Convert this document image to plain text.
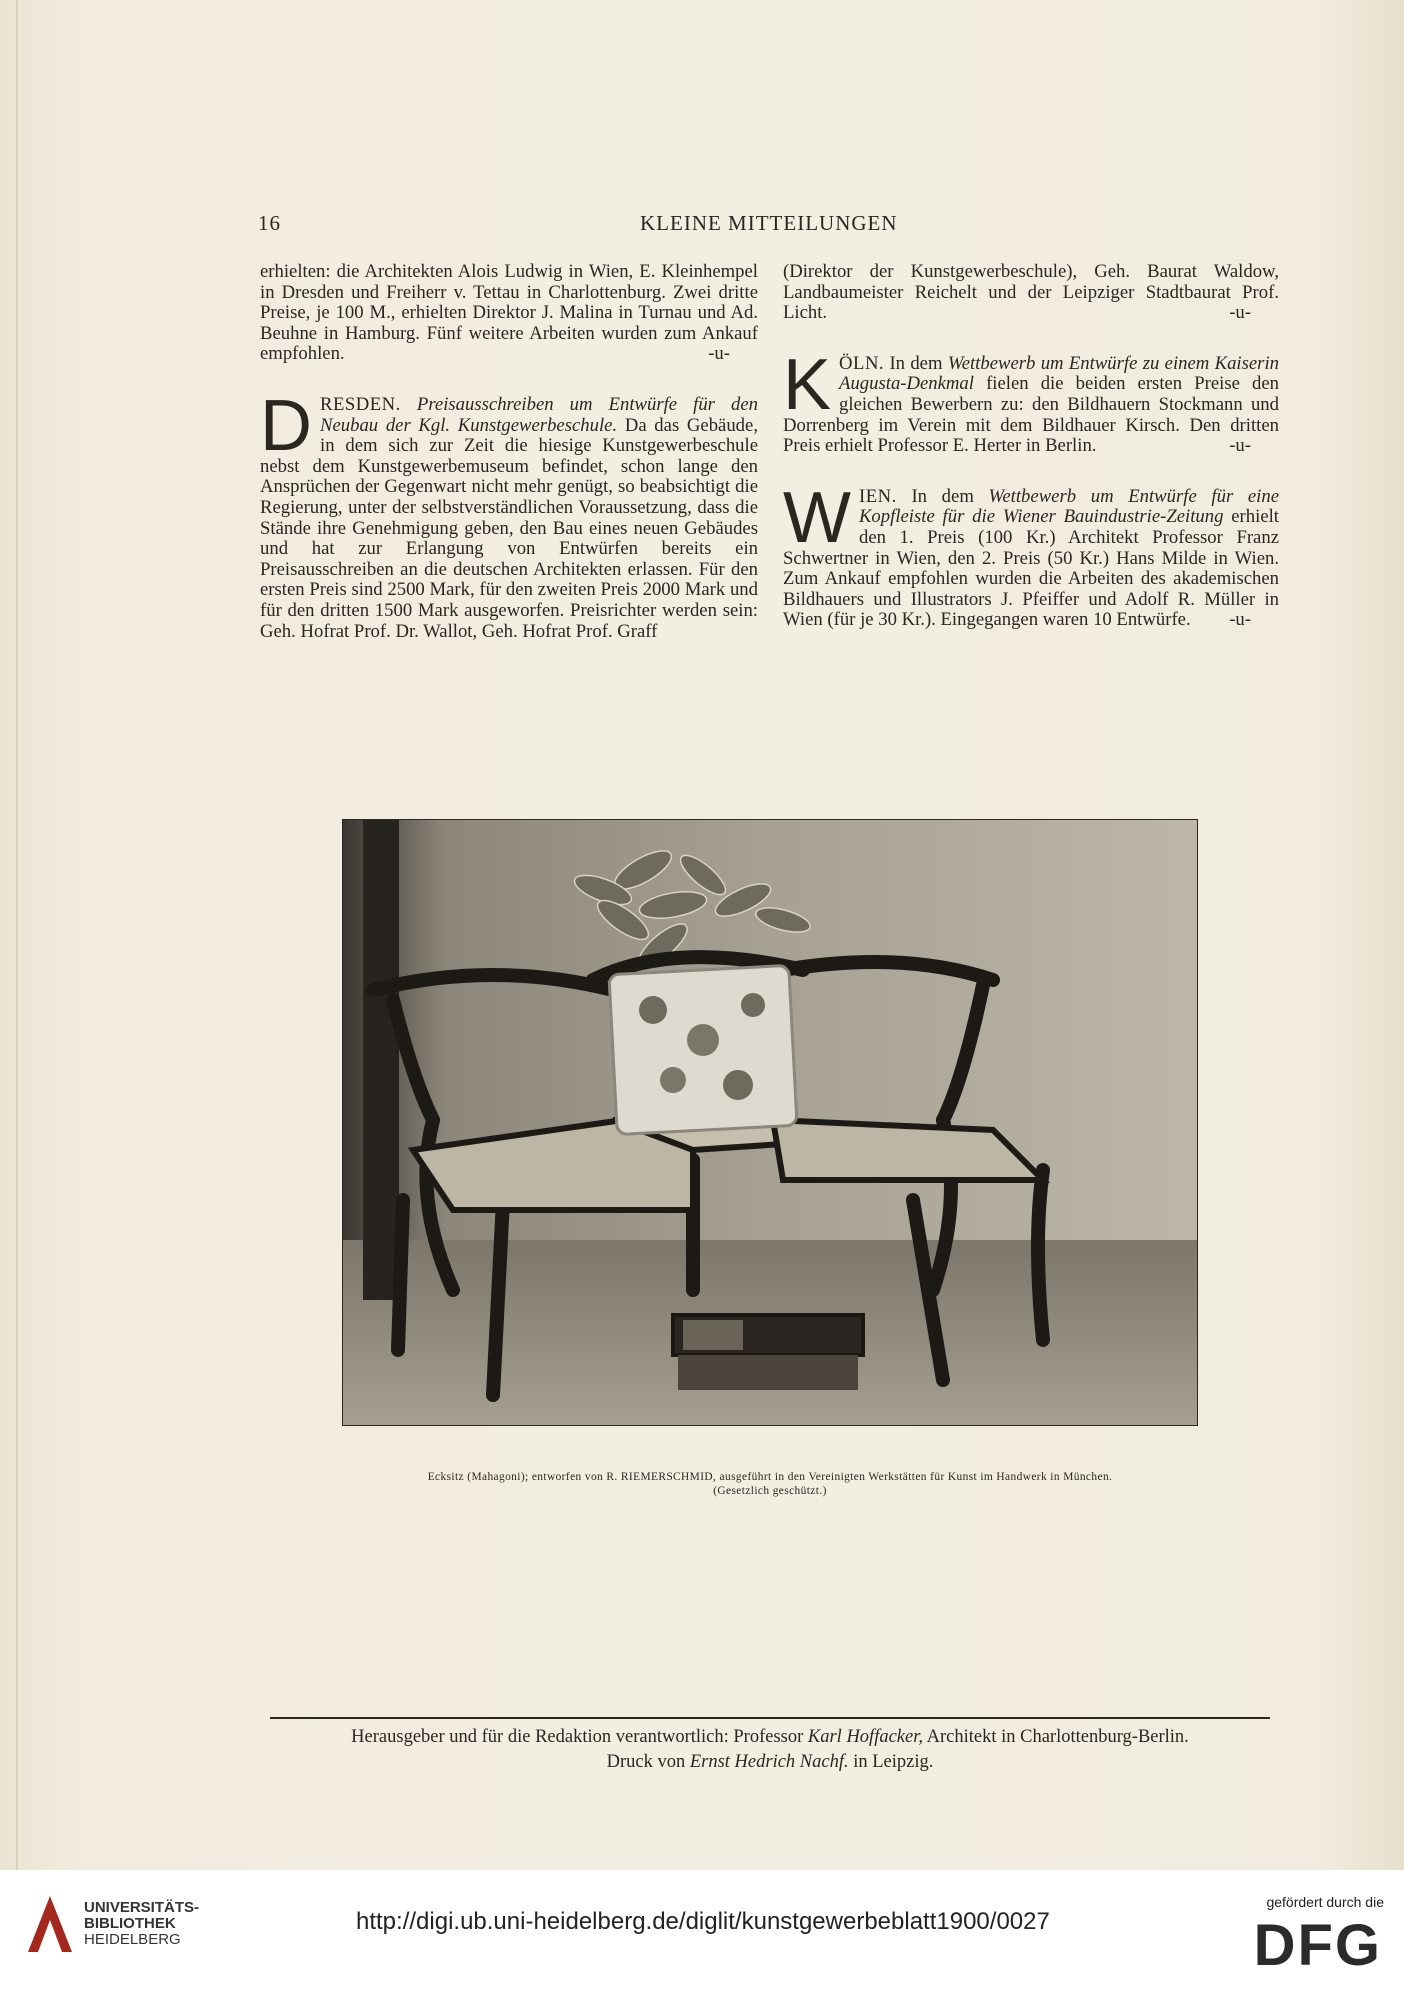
16	KLEINE MITTEILUNGEN

erhielten: die Architekten Alois Ludwig in Wien, E. Kleinhempel in Dresden und Freiherr v. Tettau in Charlottenburg. Zwei dritte Preise, je 100 M., erhielten Direktor J. Malina in Turnau und Ad. Beuhne in Hamburg. Fünf weitere Arbeiten wurden zum Ankauf empfohlen.	-u-

D RESDEN. Preisausschreiben um Entwürfe für den Neubau der Kgl. Kunstgewerbeschule. Da das Gebäude, in dem sich zur Zeit die hiesige Kunstgewerbeschule nebst dem Kunstgewerbemuseum befindet, schon lange den Ansprüchen der Gegenwart nicht mehr genügt, so beabsichtigt die Regierung, unter der selbstverständlichen Voraussetzung, dass die Stände ihre Genehmigung geben, den Bau eines neuen Gebäudes und hat zur Erlangung von Entwürfen bereits ein Preisausschreiben an die deutschen Architekten erlassen. Für den ersten Preis sind 2500 Mark, für den zweiten Preis 2000 Mark und für den dritten 1500 Mark ausgeworfen. Preisrichter werden sein: Geh. Hofrat Prof. Dr. Wallot, Geh. Hofrat Prof. Graff

(Direktor der Kunstgewerbeschule), Geh. Baurat Waldow, Landbaumeister Reichelt und der Leipziger Stadtbaurat Prof. Licht.	-u-

K ÖLN. In dem Wettbewerb um Entwürfe zu einem Kaiserin Augusta-Denkmal fielen die beiden ersten Preise den gleichen Bewerbern zu: den Bildhauern Stockmann und Dorrenberg im Verein mit dem Bildhauer Kirsch. Den dritten Preis erhielt Professor E. Herter in Berlin.	-u-

W IEN. In dem Wettbewerb um Entwürfe für eine Kopfleiste für die Wiener Bauindustrie-Zeitung erhielt den 1. Preis (100 Kr.) Architekt Professor Franz Schwertner in Wien, den 2. Preis (50 Kr.) Hans Milde in Wien. Zum Ankauf empfohlen wurden die Arbeiten des akademischen Bildhauers und Illustrators J. Pfeiffer und Adolf R. Müller in Wien (für je 30 Kr.). Eingegangen waren 10 Entwürfe. -u-

Ecksitz (Mahagoni); entworfen von R. RIEMERSCHMID, ausgeführt in den Vereinigten Werkstätten für Kunst im Handwerk in München.
(Gesetzlich geschützt.)
Herausgeber und für die Redaktion verantwortlich: Professor Karl Hoffacker, Architekt in Charlottenburg-Berlin.
Druck von Ernst Hedrich Nachf. in Leipzig.
UNIVERSITÄTS-
BIBLIOTHEK
HEIDELBERG
http://digi.ub.uni-heidelberg.de/diglit/kunstgewerbeblatt1900/0027
gefördert durch die
DFG
